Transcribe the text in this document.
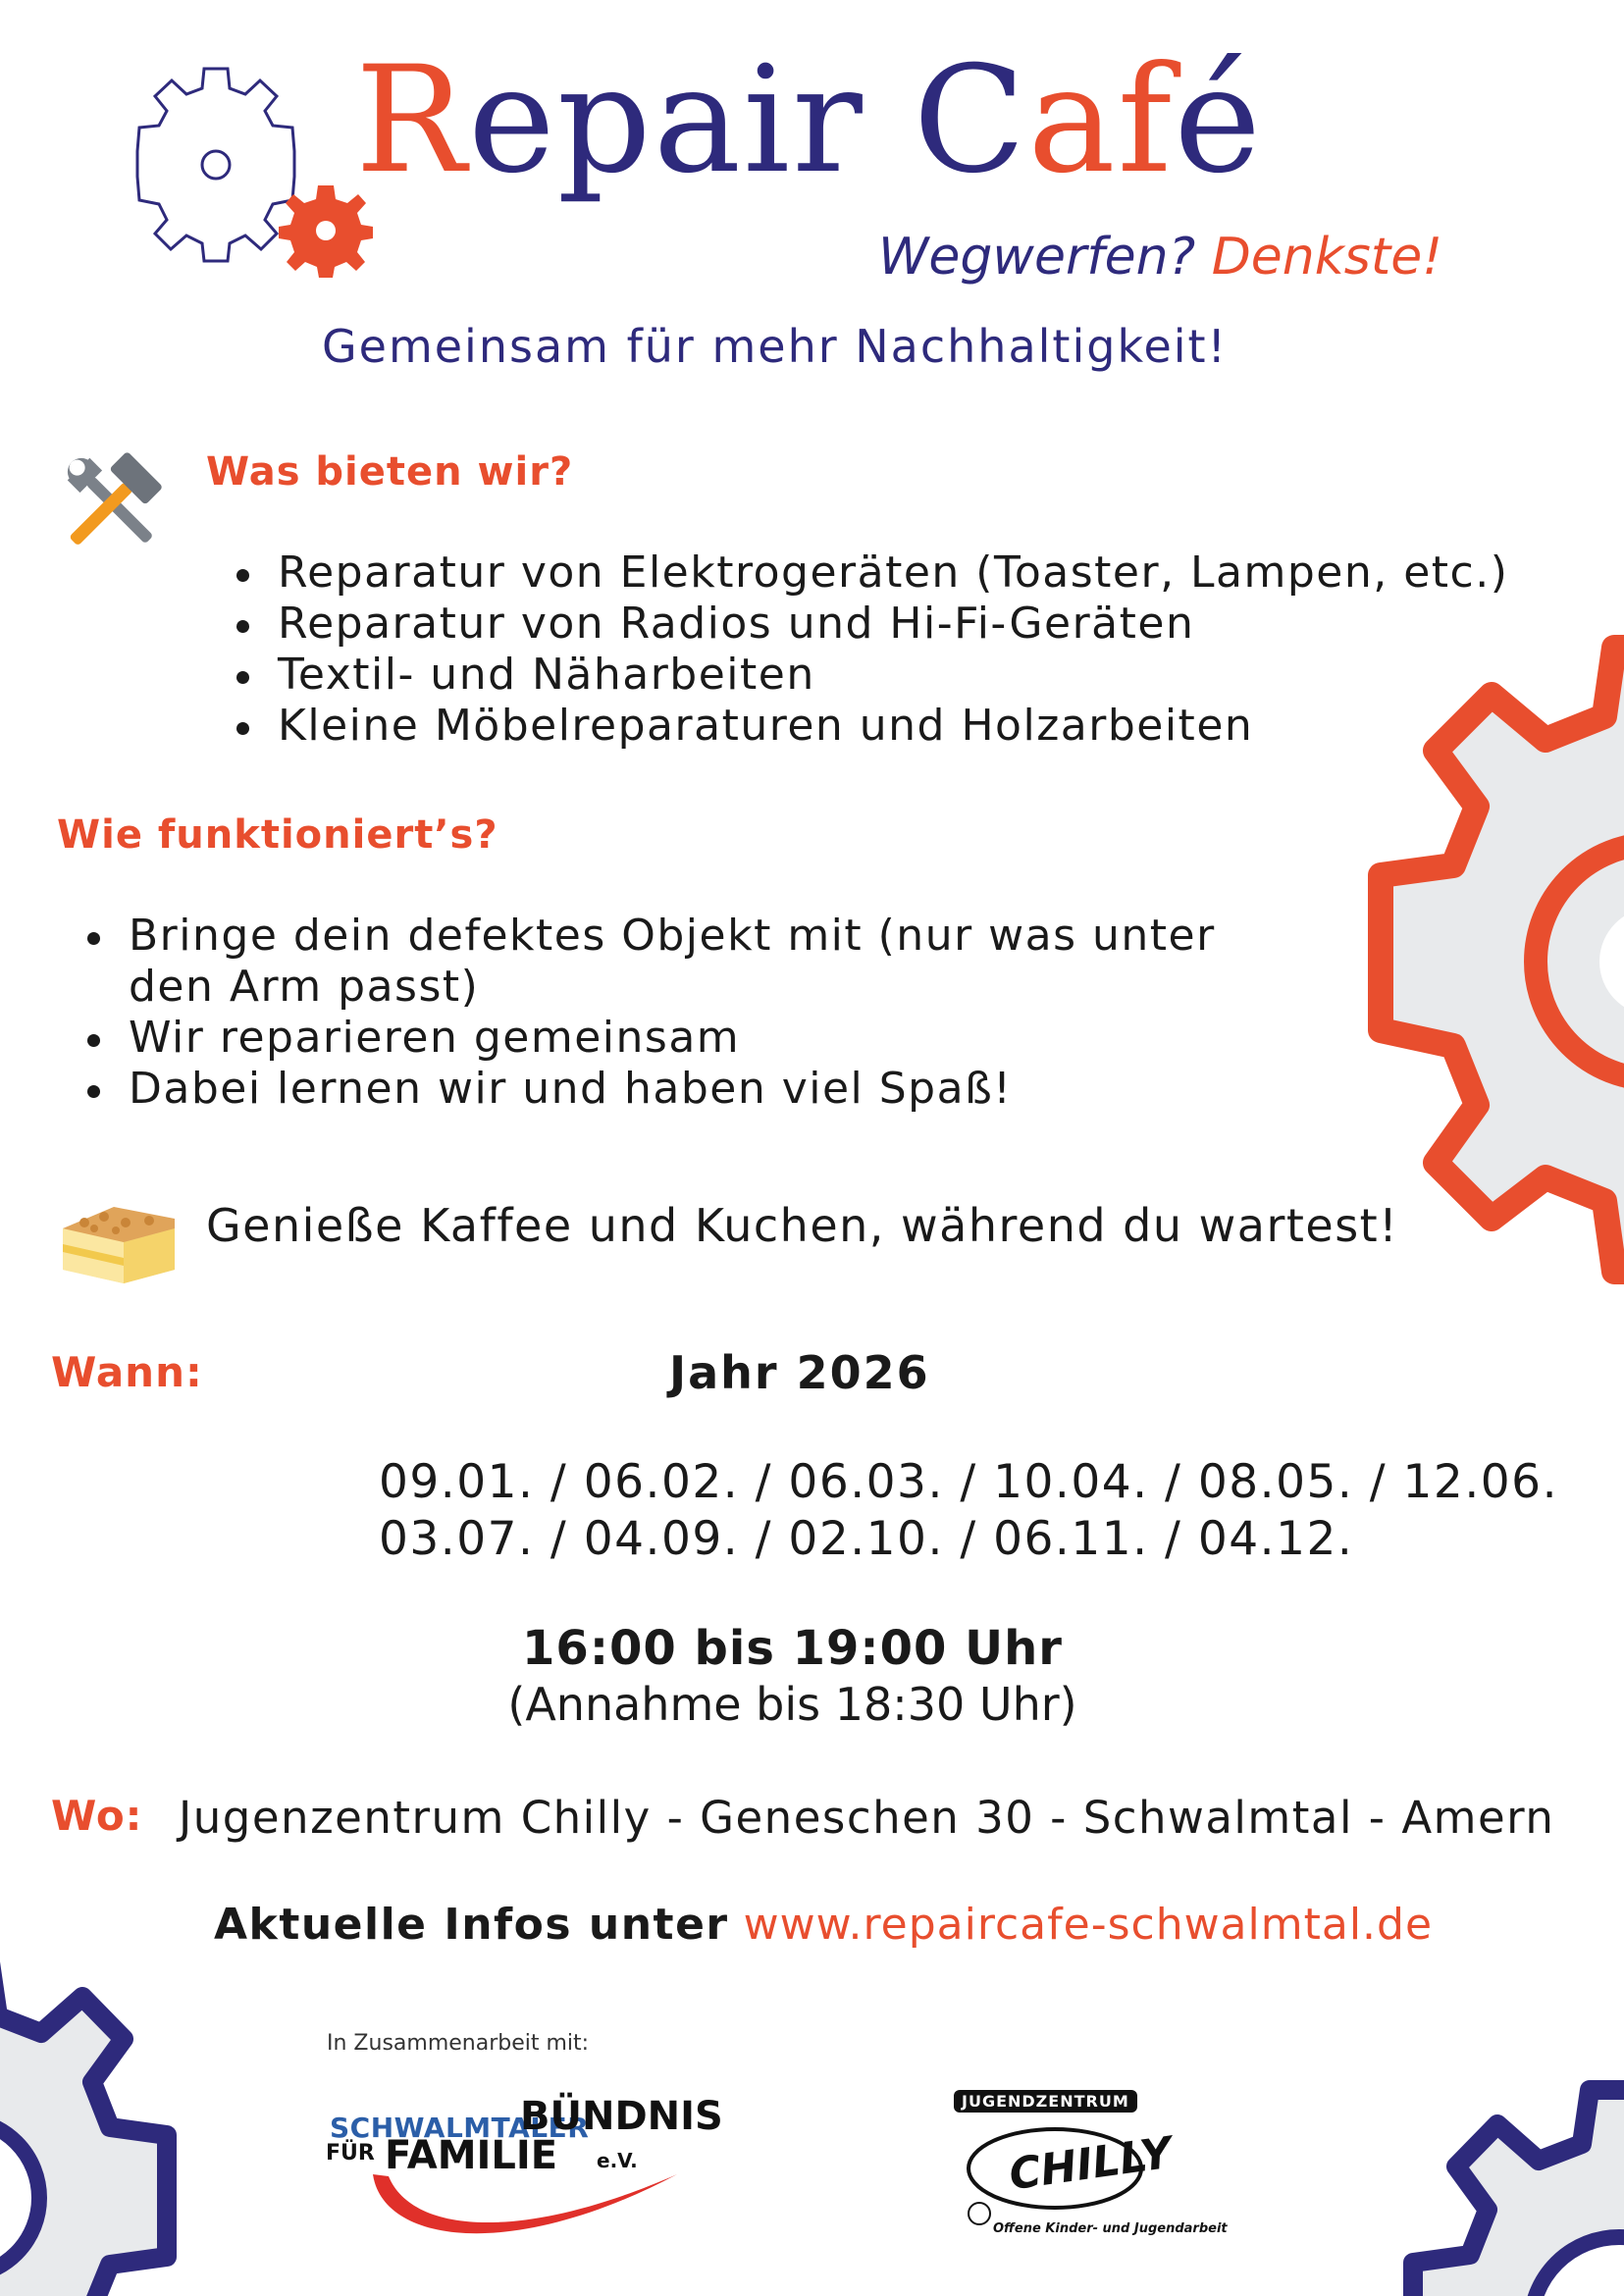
Repair Café
Wegwerfen? Denkste!
Gemeinsam für mehr Nachhaltigkeit!
Was bieten wir?
Reparatur von Elektrogeräten (Toaster, Lampen, etc.)
Reparatur von Radios und Hi-Fi-Geräten
Textil- und Näharbeiten
Kleine Möbelreparaturen und Holzarbeiten
Wie funktioniert’s?
Bringe dein defektes Objekt mit (nur was unter
den Arm passt)
Wir reparieren gemeinsam
Dabei lernen wir und haben viel Spaß!
Genieße Kaffee und Kuchen, während du wartest!
Wann:	Jahr 2026
09.01. / 06.02. / 06.03. / 10.04. / 08.05. / 12.06.
03.07. / 04.09. / 02.10. / 06.11. / 04.12.
16:00 bis 19:00 Uhr
(Annahme bis 18:30 Uhr)
Wo: Jugenzentrum Chilly - Geneschen 30 - Schwalmtal - Amern
Aktuelle Infos unter www.repaircafe-schwalmtal.de
In Zusammenarbeit mit:
SCHWALMTALER
BÜNDNIS
FÜR FAMILIE e.V.
JUGENDZENTRUM
CHILLY
Offene Kinder- und Jugendarbeit
